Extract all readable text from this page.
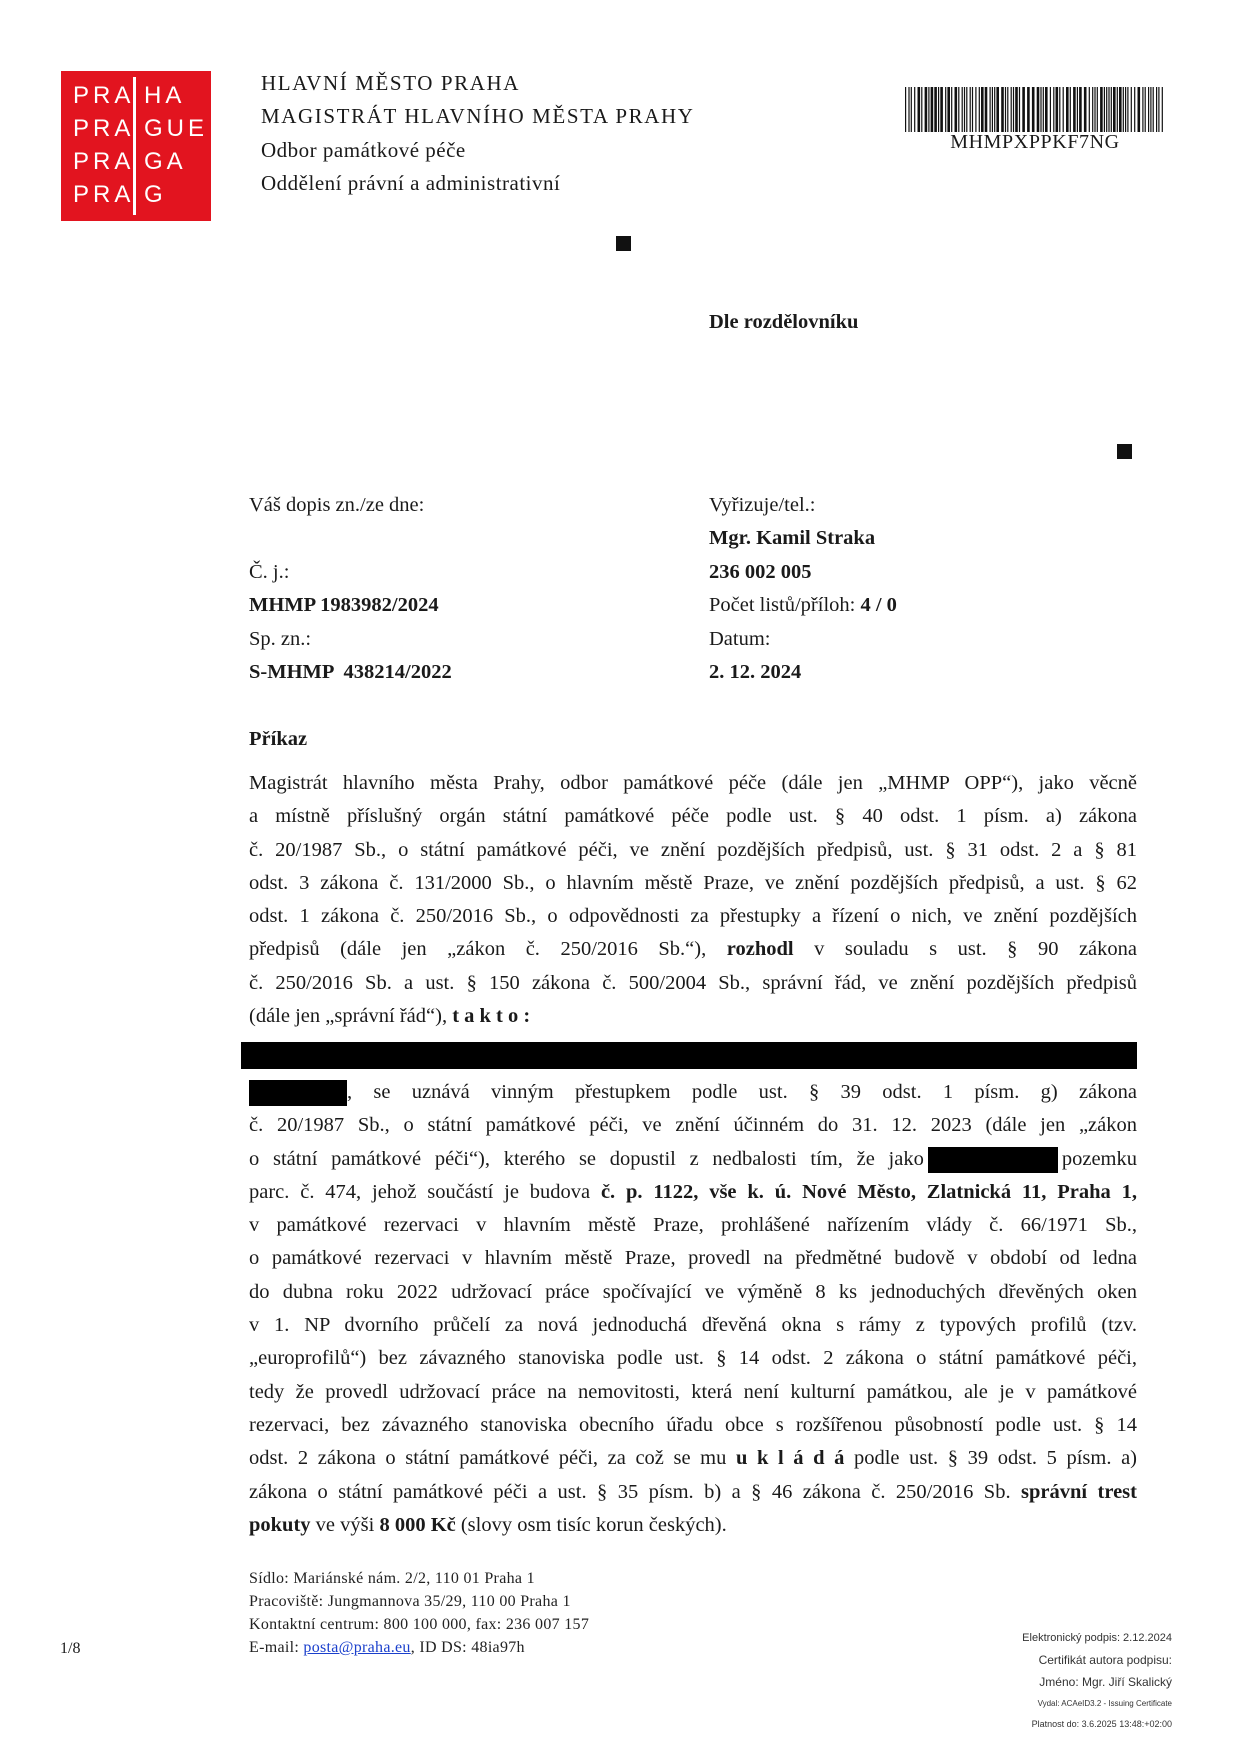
PRA HA
PRA GUE
PRA GA
PRA G
HLAVNÍ MĚSTO PRAHA
MAGISTRÁT HLAVNÍHO MĚSTA PRAHY
Odbor památkové péče
Oddělení právní a administrativní
MHMPXPPKF7NG
Dle rozdělovníku
Váš dopis zn./ze dne:
Č. j.:
MHMP 1983982/2024
Sp. zn.:
S-MHMP  438214/2022
Vyřizuje/tel.:
Mgr. Kamil Straka
236 002 005
Počet listů/příloh: 4 / 0
Datum:
2. 12. 2024
Příkaz
Magistrát hlavního města Prahy, odbor památkové péče (dále jen „MHMP OPP“), jako věcně
a místně příslušný orgán státní památkové péče podle ust. § 40 odst. 1 písm. a) zákona
č. 20/1987 Sb., o státní památkové péči, ve znění pozdějších předpisů, ust. § 31 odst. 2 a § 81
odst. 3 zákona č. 131/2000 Sb., o hlavním městě Praze, ve znění pozdějších předpisů, a ust. § 62
odst. 1 zákona č. 250/2016 Sb., o odpovědnosti za přestupky a řízení o nich, ve znění pozdějších
předpisů (dále jen „zákon č. 250/2016 Sb.“), rozhodl v souladu s ust. § 90 zákona
č. 250/2016 Sb. a ust. § 150 zákona č. 500/2004 Sb., správní řád, ve znění pozdějších předpisů
(dále jen „správní řád“), t a k t o :
, se uznává vinným přestupkem podle ust. § 39 odst. 1 písm. g) zákona
č. 20/1987 Sb., o státní památkové péči, ve znění účinném do 31. 12. 2023 (dále jen „zákon
o státní památkové péči“), kterého se dopustil z nedbalosti tím, že jako	pozemku
parc. č. 474, jehož součástí je budova č. p. 1122, vše k. ú. Nové Město, Zlatnická 11, Praha 1,
v památkové rezervaci v hlavním městě Praze, prohlášené nařízením vlády č. 66/1971 Sb.,
o památkové rezervaci v hlavním městě Praze, provedl na předmětné budově v období od ledna
do dubna roku 2022 udržovací práce spočívající ve výměně 8 ks jednoduchých dřevěných oken
v 1. NP dvorního průčelí za nová jednoduchá dřevěná okna s rámy z typových profilů (tzv.
„europrofilů“) bez závazného stanoviska podle ust. § 14 odst. 2 zákona o státní památkové péči,
tedy že provedl udržovací práce na nemovitosti, která není kulturní památkou, ale je v památkové
rezervaci, bez závazného stanoviska obecního úřadu obce s rozšířenou působností podle ust. § 14
odst. 2 zákona o státní památkové péči, za což se mu u k l á d á podle ust. § 39 odst. 5 písm. a)
zákona o státní památkové péči a ust. § 35 písm. b) a § 46 zákona č. 250/2016 Sb. správní trest
pokuty ve výši 8 000 Kč (slovy osm tisíc korun českých).
Sídlo: Mariánské nám. 2/2, 110 01 Praha 1
Pracoviště: Jungmannova 35/29, 110 00 Praha 1
Kontaktní centrum: 800 100 000, fax: 236 007 157
E-mail: posta@praha.eu, ID DS: 48ia97h
1/8
Elektronický podpis: 2.12.2024
Certifikát autora podpisu:
Jméno: Mgr. Jiří Skalický
Vydal: ACAeID3.2 - Issuing Certificate
Platnost do: 3.6.2025 13:48:+02:00
